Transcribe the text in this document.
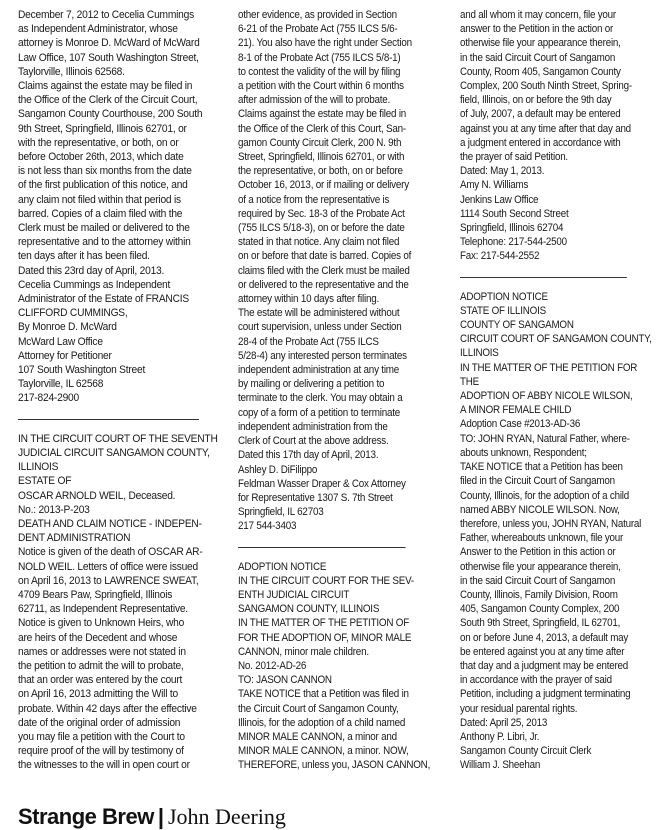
December 7, 2012 to Cecelia Cummings
as Independent Administrator, whose
attorney is Monroe D. McWard of McWard
Law Office, 107 South Washington Street,
Taylorville, Illinois 62568.
Claims against the estate may be filed in
the Office of the Clerk of the Circuit Court,
Sangamon County Courthouse, 200 South
9th Street, Springfield, Illinois 62701, or
with the representative, or both, on or
before October 26th, 2013, which date
is not less than six months from the date
of the first publication of this notice, and
any claim not filed within that period is
barred. Copies of a claim filed with the
Clerk must be mailed or delivered to the
representative and to the attorney within
ten days after it has been filed.
Dated this 23rd day of April, 2013.
Cecelia Cummings as Independent
Administrator of the Estate of FRANCIS
CLIFFORD CUMMINGS,
By Monroe D. McWard
McWard Law Office
Attorney for Petitioner
107 South Washington Street
Taylorville, IL 62568
217-824-2900
IN THE CIRCUIT COURT OF THE SEVENTH
JUDICIAL CIRCUIT SANGAMON COUNTY,
ILLINOIS
ESTATE OF
OSCAR ARNOLD WEIL, Deceased.
No.: 2013-P-203
DEATH AND CLAIM NOTICE - INDEPEN-
DENT ADMINISTRATION
Notice is given of the death of OSCAR AR-
NOLD WEIL. Letters of office were issued
on April 16, 2013 to LAWRENCE SWEAT,
4709 Bears Paw, Springfield, Illinois
62711, as Independent Representative.
Notice is given to Unknown Heirs, who
are heirs of the Decedent and whose
names or addresses were not stated in
the petition to admit the will to probate,
that an order was entered by the court
on April 16, 2013 admitting the Will to
probate. Within 42 days after the effective
date of the original order of admission
you may file a petition with the Court to
require proof of the will by testimony of
the witnesses to the will in open court or
other evidence, as provided in Section
6-21 of the Probate Act (755 ILCS 5/6-
21). You also have the right under Section
8-1 of the Probate Act (755 ILCS 5/8-1)
to contest the validity of the will by filing
a petition with the Court within 6 months
after admission of the will to probate.
Claims against the estate may be filed in
the Office of the Clerk of this Court, San-
gamon County Circuit Clerk, 200 N. 9th
Street, Springfield, Illinois 62701, or with
the representative, or both, on or before
October 16, 2013, or if mailing or delivery
of a notice from the representative is
required by Sec. 18-3 of the Probate Act
(755 ILCS 5/18-3), on or before the date
stated in that notice. Any claim not filed
on or before that date is barred. Copies of
claims filed with the Clerk must be mailed
or delivered to the representative and the
attorney within 10 days after filing.
The estate will be administered without
court supervision, unless under Section
28-4 of the Probate Act (755 ILCS
5/28-4) any interested person terminates
independent administration at any time
by mailing or delivering a petition to
terminate to the clerk. You may obtain a
copy of a form of a petition to terminate
independent administration from the
Clerk of Court at the above address.
Dated this 17th day of April, 2013.
Ashley D. DiFilippo
Feldman Wasser Draper & Cox Attorney
for Representative 1307 S. 7th Street
Springfield, IL 62703
217 544-3403
ADOPTION NOTICE
IN THE CIRCUIT COURT FOR THE SEV-
ENTH JUDICIAL CIRCUIT
SANGAMON COUNTY, ILLINOIS
IN THE MATTER OF THE PETITION OF
FOR THE ADOPTION OF, MINOR MALE
CANNON, minor male children.
No. 2012-AD-26
TO: JASON CANNON
TAKE NOTICE that a Petition was filed in
the Circuit Court of Sangamon County,
Illinois, for the adoption of a child named
MINOR MALE CANNON, a minor and
MINOR MALE CANNON, a minor. NOW,
THEREFORE, unless you, JASON CANNON,
and all whom it may concern, file your
answer to the Petition in the action or
otherwise file your appearance therein,
in the said Circuit Court of Sangamon
County, Room 405, Sangamon County
Complex, 200 South Ninth Street, Spring-
field, Illinois, on or before the 9th day
of July, 2007, a default may be entered
against you at any time after that day and
a judgment entered in accordance with
the prayer of said Petition.
Dated: May 1, 2013.
Amy N. Williams
Jenkins Law Office
1114 South Second Street
Springfield, Illinois 62704
Telephone: 217-544-2500
Fax: 217-544-2552
ADOPTION NOTICE
STATE OF ILLINOIS
COUNTY OF SANGAMON
CIRCUIT COURT OF SANGAMON COUNTY,
ILLINOIS
IN THE MATTER OF THE PETITION FOR
THE
ADOPTION OF ABBY NICOLE WILSON,
A MINOR FEMALE CHILD
Adoption Case #2013-AD-36
TO: JOHN RYAN, Natural Father, where-
abouts unknown, Respondent;
TAKE NOTICE that a Petition has been
filed in the Circuit Court of Sangamon
County, Illinois, for the adoption of a child
named ABBY NICOLE WILSON. Now,
therefore, unless you, JOHN RYAN, Natural
Father, whereabouts unknown, file your
Answer to the Petition in this action or
otherwise file your appearance therein,
in the said Circuit Court of Sangamon
County, Illinois, Family Division, Room
405, Sangamon County Complex, 200
South 9th Street, Springfield, IL 62701,
on or before June 4, 2013, a default may
be entered against you at any time after
that day and a judgment may be entered
in accordance with the prayer of said
Petition, including a judgment terminating
your residual parental rights.
Dated: April 25, 2013
Anthony P. Libri, Jr.
Sangamon County Circuit Clerk
William J. Sheehan
Strange Brew | John Deering
